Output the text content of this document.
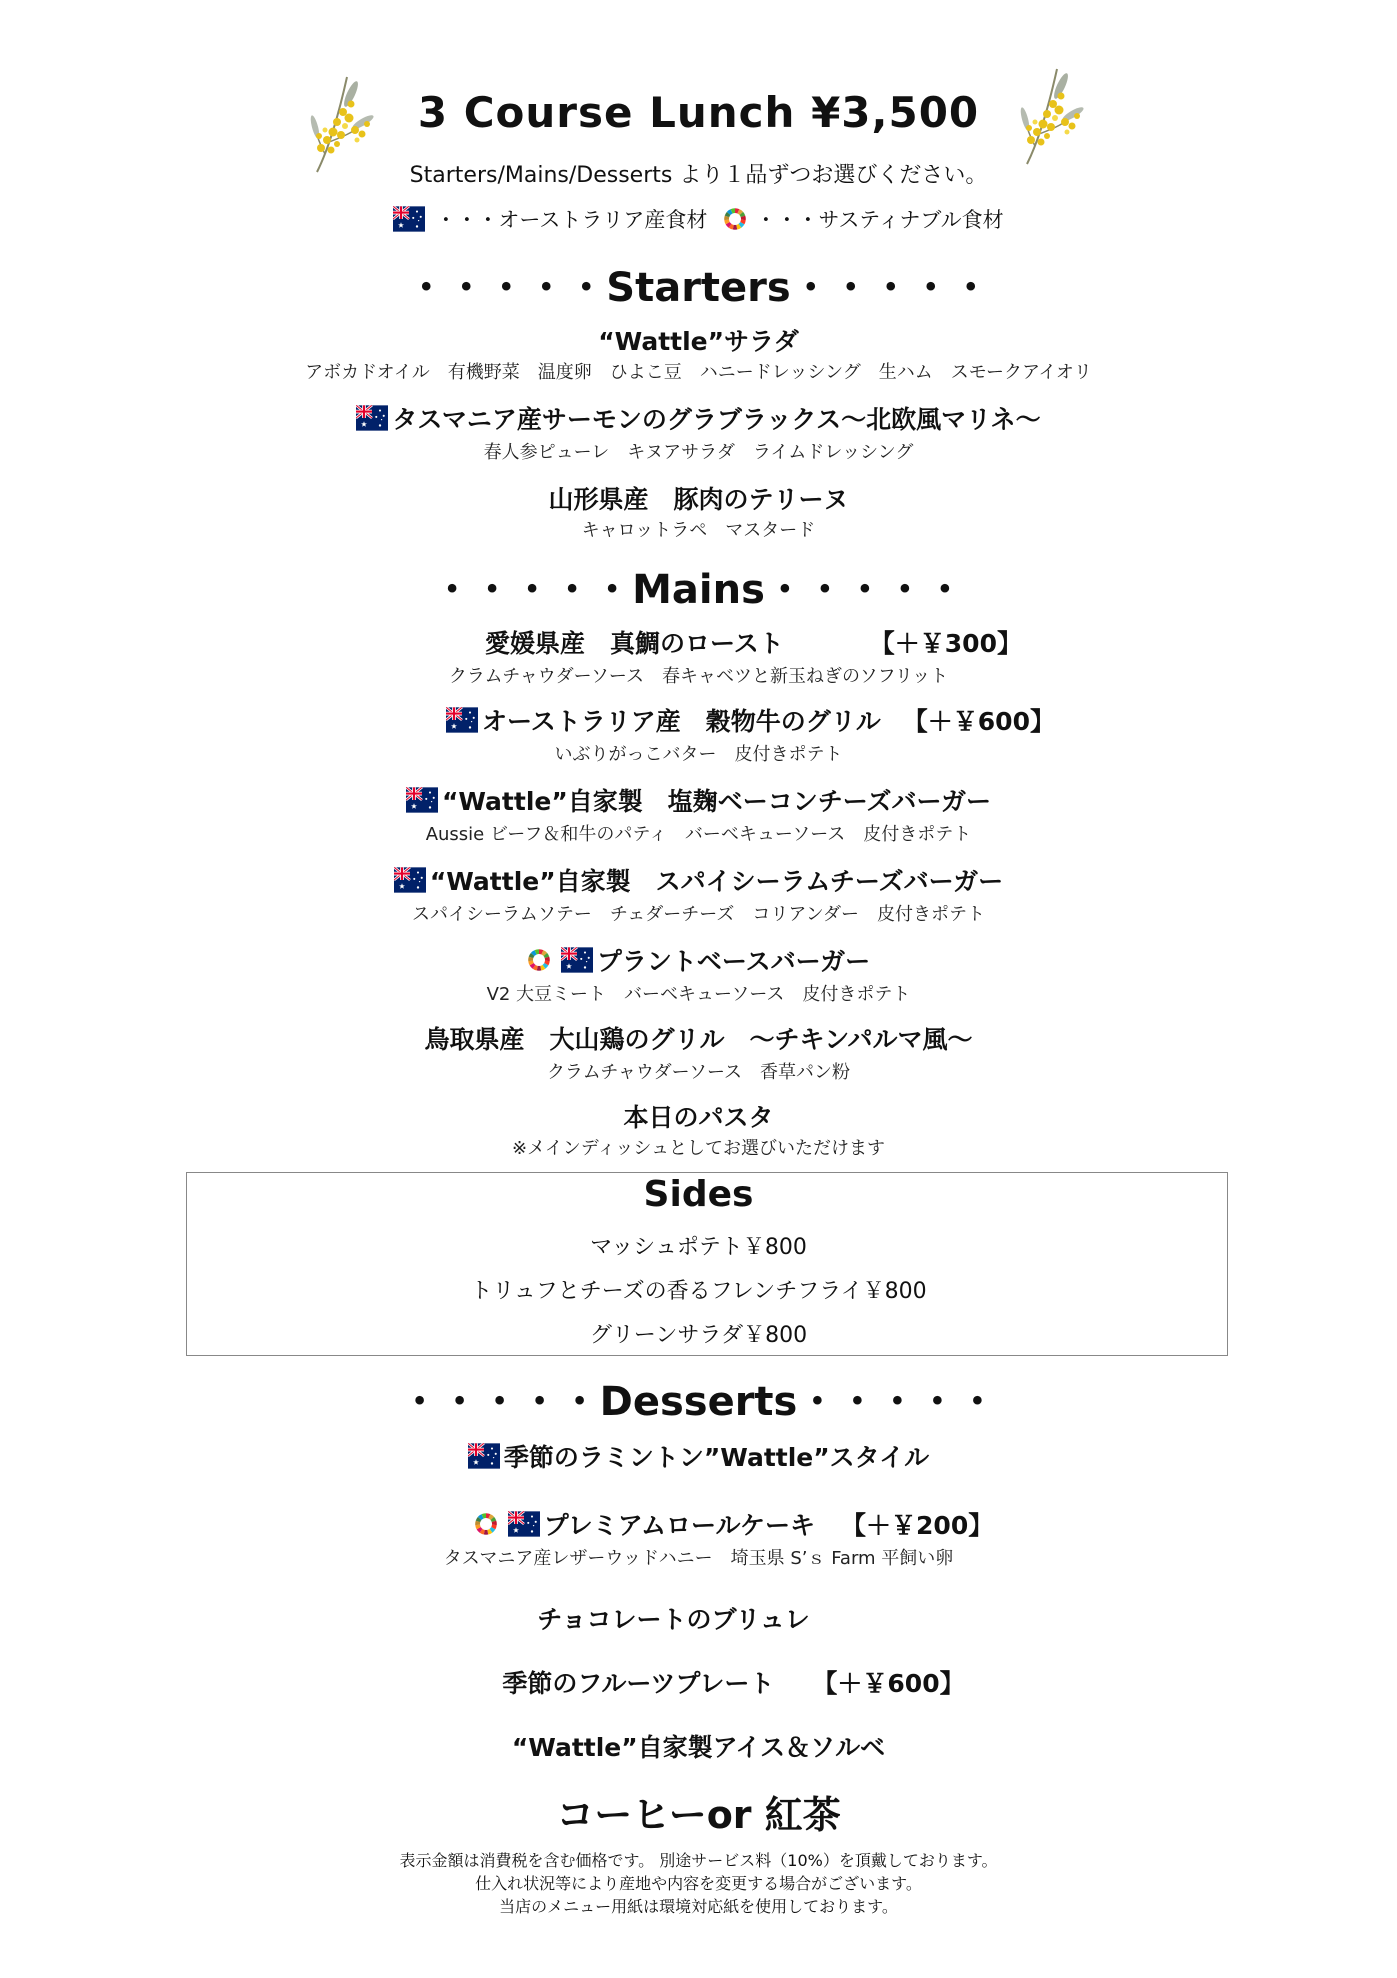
3 Course Lunch ¥3,500
Starters/Mains/Desserts より１品ずつお選びください。
・・・オーストラリア産食材 ・・・サスティナブル食材
・・・・・Starters・・・・・
“Wattle”サラダ
アボカドオイル　有機野菜　温度卵　ひよこ豆　ハニードレッシング　生ハム　スモークアイオリ
タスマニア産サーモンのグラブラックス～北欧風マリネ～
春人参ピューレ　キヌアサラダ　ライムドレッシング
山形県産　豚肉のテリーヌ
キャロットラペ　マスタード
・・・・・Mains・・・・・
愛媛県産　真鯛のロースト	【＋￥300】
クラムチャウダーソース　春キャベツと新玉ねぎのソフリット
オーストラリア産　穀物牛のグリル 【＋￥600】
いぶりがっこバター　皮付きポテト
“Wattle”自家製　塩麹ベーコンチーズバーガー
Aussie ビーフ＆和牛のパティ　バーベキューソース　皮付きポテト
“Wattle”自家製　スパイシーラムチーズバーガー
スパイシーラムソテー　チェダーチーズ　コリアンダー　皮付きポテト
プラントベースバーガー
V2 大豆ミート　バーベキューソース　皮付きポテト
鳥取県産　大山鶏のグリル　～チキンパルマ風～
クラムチャウダーソース　香草パン粉
本日のパスタ
※メインディッシュとしてお選びいただけます
Sides
マッシュポテト￥800
トリュフとチーズの香るフレンチフライ￥800
グリーンサラダ￥800
・・・・・Desserts・・・・・
季節のラミントン”Wattle”スタイル
プレミアムロールケーキ 【＋￥200】
タスマニア産レザーウッドハニー　埼玉県 S’ｓ Farm 平飼い卵
チョコレートのブリュレ
季節のフルーツプレート 【＋￥600】
“Wattle”自家製アイス＆ソルベ
コーヒーor 紅茶
表示金額は消費税を含む価格です。 別途サービス料（10%）を頂戴しております。
仕入れ状況等により産地や内容を変更する場合がございます。
当店のメニュー用紙は環境対応紙を使用しております。
